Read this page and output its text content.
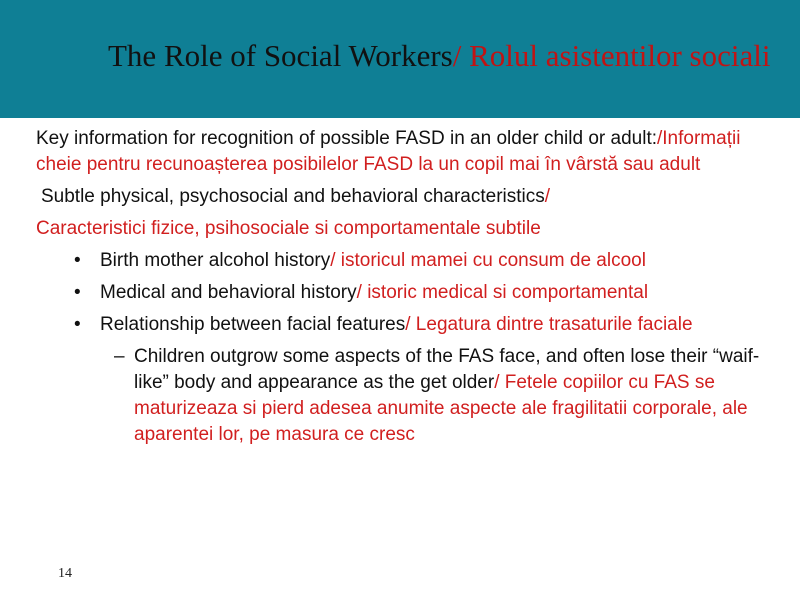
The Role of Social Workers/ Rolul asistentilor sociali

Key information for recognition of possible FASD in an older child or adult:/Informații cheie pentru recunoașterea posibilelor FASD la un copil mai în vârstă sau adult

Subtle physical, psychosocial and behavioral characteristics/

Caracteristici fizice, psihosociale si comportamentale subtile

• Birth mother alcohol history/ istoricul mamei cu consum de alcool
• Medical and behavioral history/ istoric medical si comportamental
• Relationship between facial features/ Legatura dintre trasaturile faciale
– Children outgrow some aspects of the FAS face, and often lose their “waif-like” body and appearance as the get older/ Fetele copiilor cu FAS se maturizeaza si pierd adesea anumite aspecte ale fragilitatii corporale, ale aparentei lor, pe masura ce cresc
14
